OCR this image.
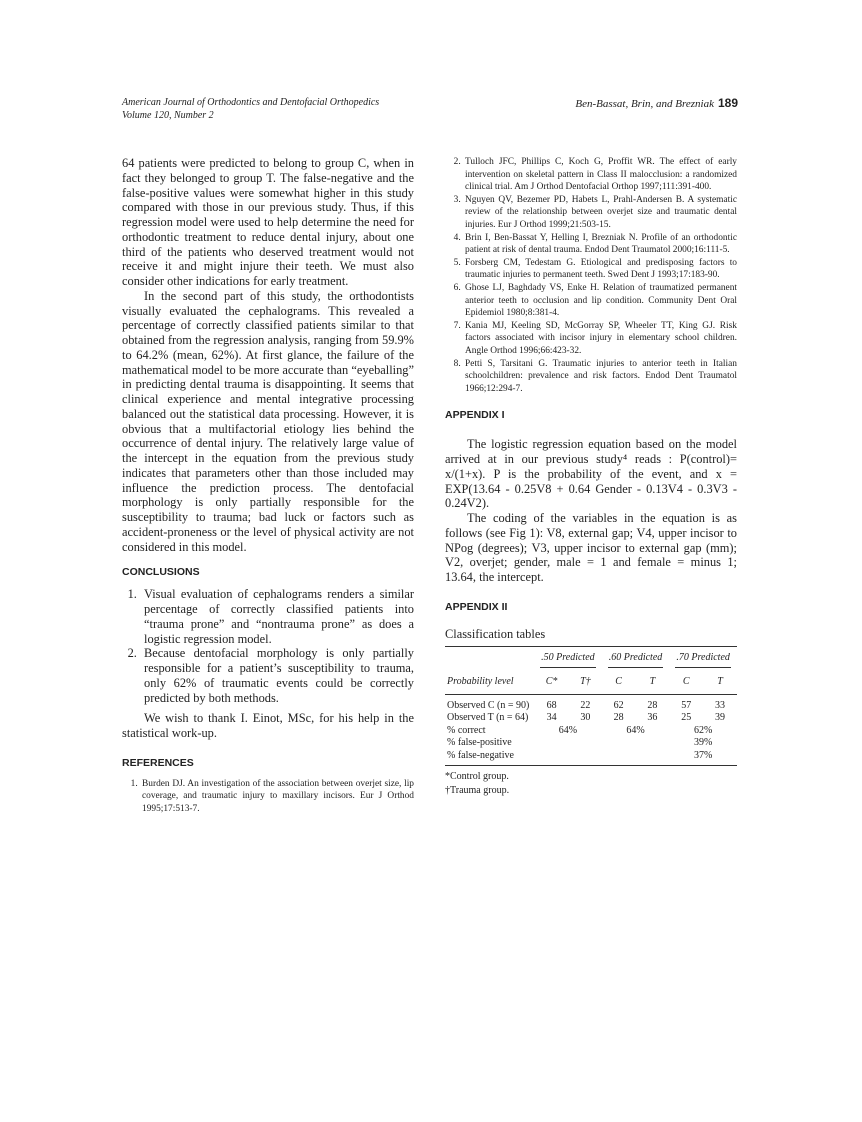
American Journal of Orthodontics and Dentofacial Orthopedics
Volume 120, Number 2
Ben-Bassat, Brin, and Brezniak 189

64 patients were predicted to belong to group C, when in fact they belonged to group T. The false-negative and the false-positive values were somewhat higher in this study compared with those in our previous study. Thus, if this regression model were used to help determine the need for orthodontic treatment to reduce dental injury, about one third of the patients who deserved treatment would not receive it and might injure their teeth. We must also consider other indications for early treatment.

In the second part of this study, the orthodontists visually evaluated the cephalograms. This revealed a percentage of correctly classified patients similar to that obtained from the regression analysis, ranging from 59.9% to 64.2% (mean, 62%). At first glance, the failure of the mathematical model to be more accurate than “eyeballing” in predicting dental trauma is disappointing. It seems that clinical experience and mental integrative processing balanced out the statistical data processing. However, it is obvious that a multifactorial etiology lies behind the occurrence of dental injury. The relatively large value of the intercept in the equation from the previous study indicates that parameters other than those included may influence the prediction process. The dentofacial morphology is only partially responsible for the susceptibility to trauma; bad luck or factors such as accident-proneness or the level of physical activity are not considered in this model.

CONCLUSIONS
1. Visual evaluation of cephalograms renders a similar percentage of correctly classified patients into “trauma prone” and “nontrauma prone” as does a logistic regression model.
2. Because dentofacial morphology is only partially responsible for a patient’s susceptibility to trauma, only 62% of traumatic events could be correctly predicted by both methods.

We wish to thank I. Einot, MSc, for his help in the statistical work-up.

REFERENCES
1. Burden DJ. An investigation of the association between overjet size, lip coverage, and traumatic injury to maxillary incisors. Eur J Orthod 1995;17:513-7.
2. Tulloch JFC, Phillips C, Koch G, Proffit WR. The effect of early intervention on skeletal pattern in Class II malocclusion: a randomized clinical trial. Am J Orthod Dentofacial Orthop 1997;111:391-400.
3. Nguyen QV, Bezemer PD, Habets L, Prahl-Andersen B. A systematic review of the relationship between overjet size and traumatic dental injuries. Eur J Orthod 1999;21:503-15.
4. Brin I, Ben-Bassat Y, Helling I, Brezniak N. Profile of an orthodontic patient at risk of dental trauma. Endod Dent Traumatol 2000;16:111-5.
5. Forsberg CM, Tedestam G. Etiological and predisposing factors to traumatic injuries to permanent teeth. Swed Dent J 1993;17:183-90.
6. Ghose LJ, Baghdady VS, Enke H. Relation of traumatized permanent anterior teeth to occlusion and lip condition. Community Dent Oral Epidemiol 1980;8:381-4.
7. Kania MJ, Keeling SD, McGorray SP, Wheeler TT, King GJ. Risk factors associated with incisor injury in elementary school children. Angle Orthod 1996;66:423-32.
8. Petti S, Tarsitani G. Traumatic injuries to anterior teeth in Italian schoolchildren: prevalence and risk factors. Endod Dent Traumatol 1966;12:294-7.
APPENDIX I

The logistic regression equation based on the model arrived at in our previous study⁴ reads : P(control)= x/(1+x). P is the probability of the event, and x = EXP(13.64 - 0.25V8 + 0.64 Gender - 0.13V4 - 0.3V3 - 0.24V2).

The coding of the variables in the equation is as follows (see Fig 1): V8, external gap; V4, upper incisor to NPog (degrees); V3, upper incisor to external gap (mm); V2, overjet; gender, male = 1 and female = minus 1; 13.64, the intercept.

APPENDIX II
Classification tables

	.50 Predicted		.60 Predicted		.70 Predicted	

Probability level	C*	T†	C	T	C	T
Observed C (n = 90)	68	22	62	28	57	33
Observed T (n = 64)	34	30	28	36	25	39
% correct	64%		64%		62%	
% false-positive					39%	
% false-negative					37%	
*Control group.
†Trauma group.
